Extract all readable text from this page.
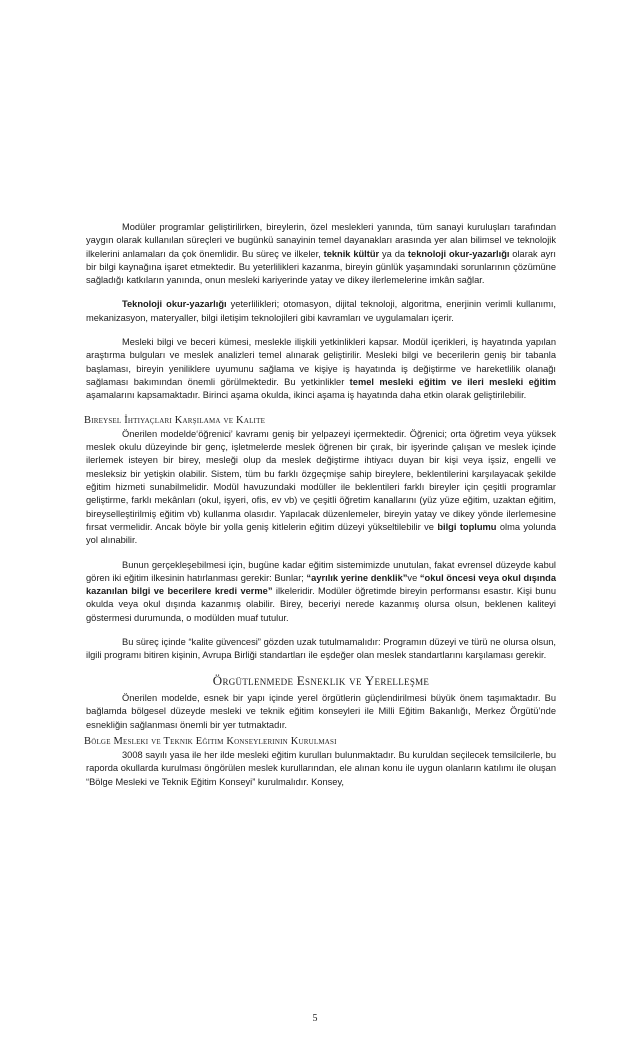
Modüler programlar geliştirilirken, bireylerin, özel meslekleri yanında, tüm sanayi kuruluşları tarafından yaygın olarak kullanılan süreçleri ve bugünkü sanayinin temel dayanakları arasında yer alan bilimsel ve teknolojik ilkelerini anlamaları da çok önemlidir. Bu süreç ve ilkeler, teknik kültür ya da teknoloji okur-yazarlığı olarak ayrı bir bilgi kaynağına işaret etmektedir. Bu yeterlilikleri kazanma, bireyin günlük yaşamındaki sorunlarının çözümüne sağladığı katkıların yanında, onun mesleki kariyerinde yatay ve dikey ilerlemelerine imkân sağlar.

Teknoloji okur-yazarlığı yeterlilikleri; otomasyon, dijital teknoloji, algoritma, enerjinin verimli kullanımı, mekanizasyon, materyaller, bilgi iletişim teknolojileri gibi kavramları ve uygulamaları içerir.

Mesleki bilgi ve beceri kümesi, meslekle ilişkili yetkinlikleri kapsar. Modül içerikleri, iş hayatında yapılan araştırma bulguları ve meslek analizleri temel alınarak geliştirilir. Mesleki bilgi ve becerilerin geniş bir tabanla başlaması, bireyin yeniliklere uyumunu sağlama ve kişiye iş hayatında iş değiştirme ve hareketlilik olanağı sağlaması bakımından önemli görülmektedir. Bu yetkinlikler temel mesleki eğitim ve ileri mesleki eğitim aşamalarını kapsamaktadır. Birinci aşama okulda, ikinci aşama iş hayatında daha etkin olarak geliştirilebilir.

Bireysel İhtiyaçları Karşılama ve Kalite

Önerilen modelde‘öğrenici’ kavramı geniş bir yelpazeyi içermektedir. Öğrenici; orta öğretim veya yüksek meslek okulu düzeyinde bir genç, işletmelerde meslek öğrenen bir çırak, bir işyerinde çalışan ve meslek içinde ilerlemek isteyen bir birey, mesleği olup da meslek değiştirme ihtiyacı duyan bir kişi veya işsiz, engelli ve mesleksiz bir yetişkin olabilir. Sistem, tüm bu farklı özgeçmişe sahip bireylere, beklentilerini karşılayacak şekilde eğitim hizmeti sunabilmelidir. Modül havuzundaki modüller ile beklentileri farklı bireyler için çeşitli programlar geliştirme, farklı mekânları (okul, işyeri, ofis, ev vb) ve çeşitli öğretim kanallarını (yüz yüze eğitim, uzaktan eğitim, bireyselleştirilmiş eğitim vb) kullanma olasıdır. Yapılacak düzenlemeler, bireyin yatay ve dikey yönde ilerlemesine fırsat vermelidir. Ancak böyle bir yolla geniş kitlelerin eğitim düzeyi yükseltilebilir ve bilgi toplumu olma yolunda yol alınabilir.

Bunun gerçekleşebilmesi için, bugüne kadar eğitim sistemimizde unutulan, fakat evrensel düzeyde kabul gören iki eğitim ilkesinin hatırlanması gerekir: Bunlar; “ayrılık yerine denklik”ve “okul öncesi veya okul dışında kazanılan bilgi ve becerilere kredi verme” ilkeleridir. Modüler öğretimde bireyin performansı esastır. Kişi bunu okulda veya okul dışında kazanmış olabilir. Birey, beceriyi nerede kazanmış olursa olsun, beklenen kaliteyi göstermesi durumunda, o modülden muaf tutulur.

Bu süreç içinde “kalite güvencesi” gözden uzak tutulmamalıdır: Programın düzeyi ve türü ne olursa olsun, ilgili programı bitiren kişinin, Avrupa Birliği standartları ile eşdeğer olan meslek standartlarını karşılaması gerekir.

Örgütlenmede Esneklik ve Yerelleşme

Önerilen modelde, esnek bir yapı içinde yerel örgütlerin güçlendirilmesi büyük önem taşımaktadır. Bu bağlamda bölgesel düzeyde mesleki ve teknik eğitim konseyleri ile Milli Eğitim Bakanlığı, Merkez Örgütü’nde esnekliğin sağlanması önemli bir yer tutmaktadır.

Bölge Mesleki ve Teknik Eğitim Konseylerinin Kurulması

3008 sayılı yasa ile her ilde mesleki eğitim kurulları bulunmaktadır. Bu kuruldan seçilecek temsilcilerle, bu raporda okullarda kurulması öngörülen meslek kurullarından, ele alınan konu ile uygun olanların katılımı ile oluşan “Bölge Mesleki ve Teknik Eğitim Konseyi” kurulmalıdır. Konsey,

5
